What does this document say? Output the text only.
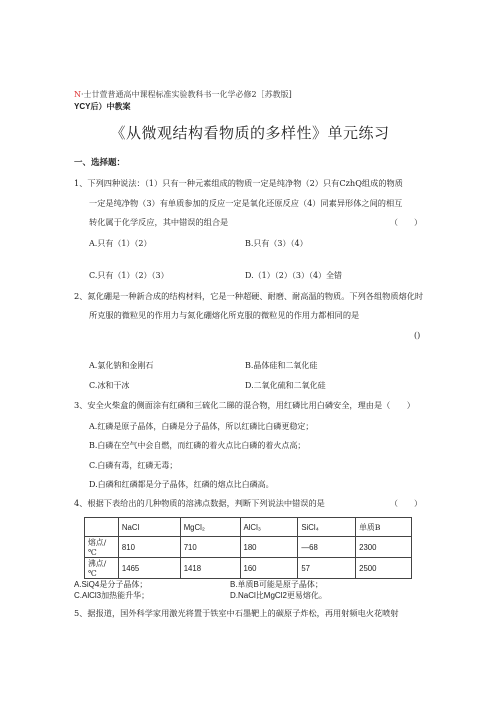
N·士廿萱普通高中课程标准实验教科书一化学必修2［苏教版]
YCY后）中教案
《从微观结构看物质的多样性》单元练习
一、选择题：
1、下列四种说法：（1）只有一种元素组成的物质一定是纯净物（2）只有CzhQ组成的物质
一定是纯净物（3）有单质参加的反应一定是氧化还原反应（4）同素异形体之间的相互
转化属于化学反应，其中错误的组合是	（　　）
A.只有（1）（2）	B.只有（3）（4）
C.只有（1）（2）（3）	D.（1）（2）（3）（4）全错
2、氮化硼是一种新合成的结构材料，它是一种超硬、耐磨、耐高温的物质。下列各组物质熔化时
所克服的微粒见的作用力与氮化硼熔化所克服的微粒见的作用力都相同的是
()
A.氯化钠和金刚石	B.晶体硅和二氧化硅
C.冰和干冰	D.二氧化硫和二氧化硅
3、安全火柴盒的侧面涂有红磷和三硫化二睇的混合物，用红磷比用白磷安全，理由是（　　）
A.红磷是原子晶体，白磷是分子晶体，所以红磷比白磷更稳定；
B.白磷在空气中会自燃，而红磷的着火点比白磷的着火点高；
C.白磷有毒，红磷无毒；
D.白磷和红磷都是分子晶体，红磷的熔点比白磷高。
4、根据下表给出的几种物质的溶沸点数据，判断下列说法中错误的是	（　　）
	NaCl	MgCl₂	AlCl₃	SiCl₄	单质B
熔点/℃	810	710	180	—68	2300
沸点/℃	1465	1418	160	57	2500
A.SiQ4是分子晶体；	B.单质B可能是原子晶体；
C.AlCl3加热能升华；	D.NaCl比MgCl2更易熔化。
5、据报道，国外科学家用激光将置于铁室中石墨靶上的碳原子炸松，再用射频电火花喷射
